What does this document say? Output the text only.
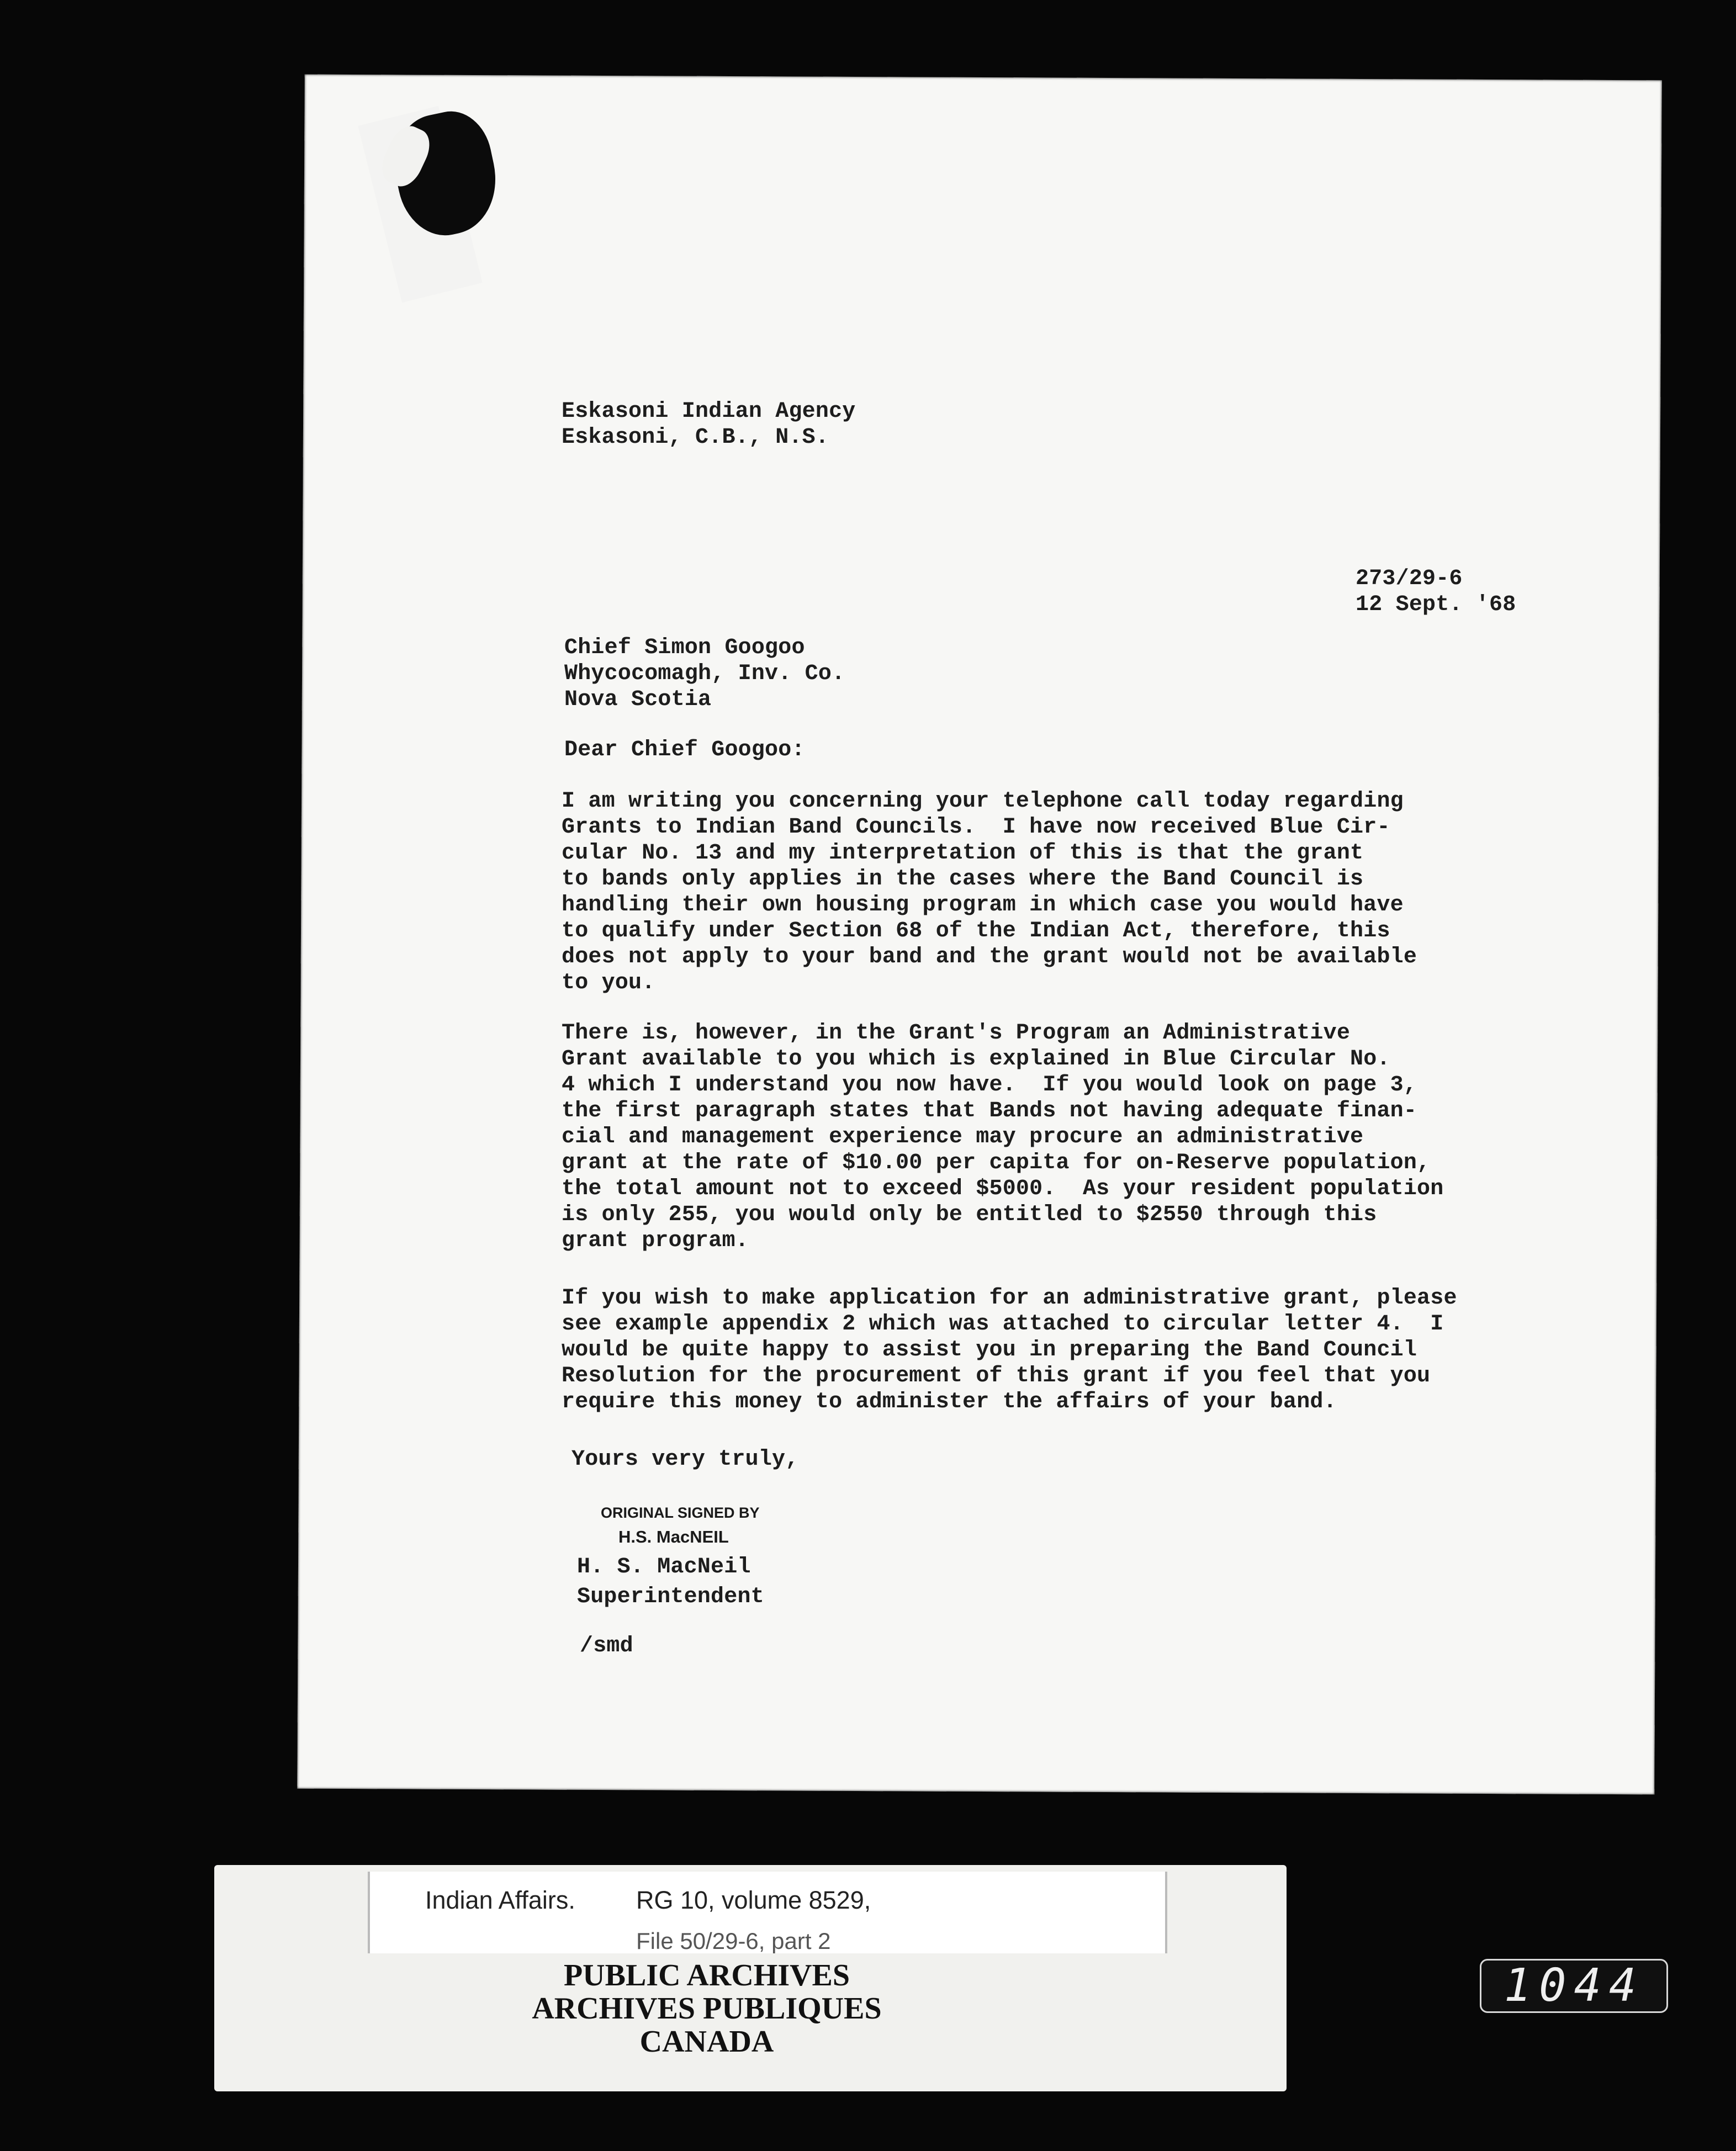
Eskasoni Indian Agency
Eskasoni, C.B., N.S.
273/29-6
12 Sept. '68
Chief Simon Googoo
Whycocomagh, Inv. Co.
Nova Scotia
Dear Chief Googoo:
I am writing you concerning your telephone call today regarding
Grants to Indian Band Councils.  I have now received Blue Cir-
cular No. 13 and my interpretation of this is that the grant
to bands only applies in the cases where the Band Council is
handling their own housing program in which case you would have
to qualify under Section 68 of the Indian Act, therefore, this
does not apply to your band and the grant would not be available
to you.
There is, however, in the Grant's Program an Administrative
Grant available to you which is explained in Blue Circular No.
4 which I understand you now have.  If you would look on page 3,
the first paragraph states that Bands not having adequate finan-
cial and management experience may procure an administrative
grant at the rate of $10.00 per capita for on-Reserve population,
the total amount not to exceed $5000.  As your resident population
is only 255, you would only be entitled to $2550 through this
grant program.
If you wish to make application for an administrative grant, please
see example appendix 2 which was attached to circular letter 4.  I
would be quite happy to assist you in preparing the Band Council
Resolution for the procurement of this grant if you feel that you
require this money to administer the affairs of your band.
Yours very truly,
ORIGINAL SIGNED BY
H.S. MacNEIL
H. S. MacNeil
Superintendent
/smd
Indian Affairs. RG 10, volume 8529,
File 50/29-6, part 2
PUBLIC ARCHIVES
ARCHIVES PUBLIQUES
CANADA
1044
